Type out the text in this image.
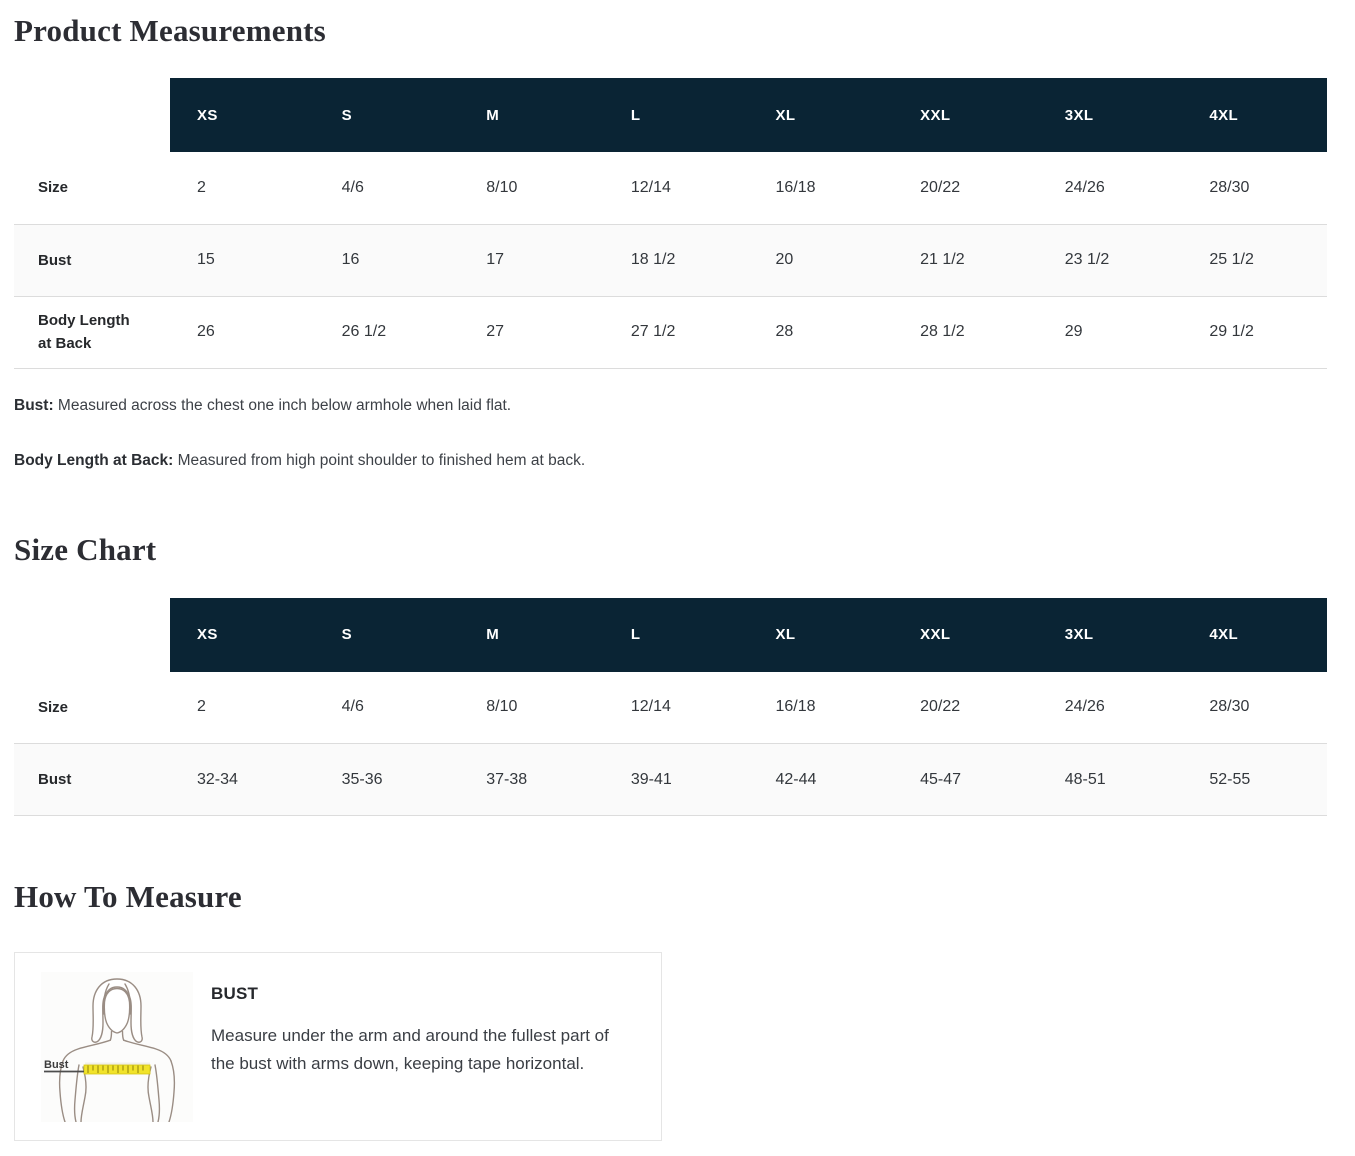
Product Measurements
	XS	S	M	L	XL	XXL	3XL	4XL
Size	2	4/6	8/10	12/14	16/18	20/22	24/26	28/30
Bust	15	16	17	18 1/2	20	21 1/2	23 1/2	25 1/2
Body Length at Back	26	26 1/2	27	27 1/2	28	28 1/2	29	29 1/2

Bust: Measured across the chest one inch below armhole when laid flat.

Body Length at Back: Measured from high point shoulder to finished hem at back.

Size Chart
	XS	S	M	L	XL	XXL	3XL	4XL
Size	2	4/6	8/10	12/14	16/18	20/22	24/26	28/30
Bust	32-34	35-36	37-38	39-41	42-44	45-47	48-51	52-55
How To Measure
Bust
BUST

Measure under the arm and around the fullest part of the bust with arms down, keeping tape horizontal.
